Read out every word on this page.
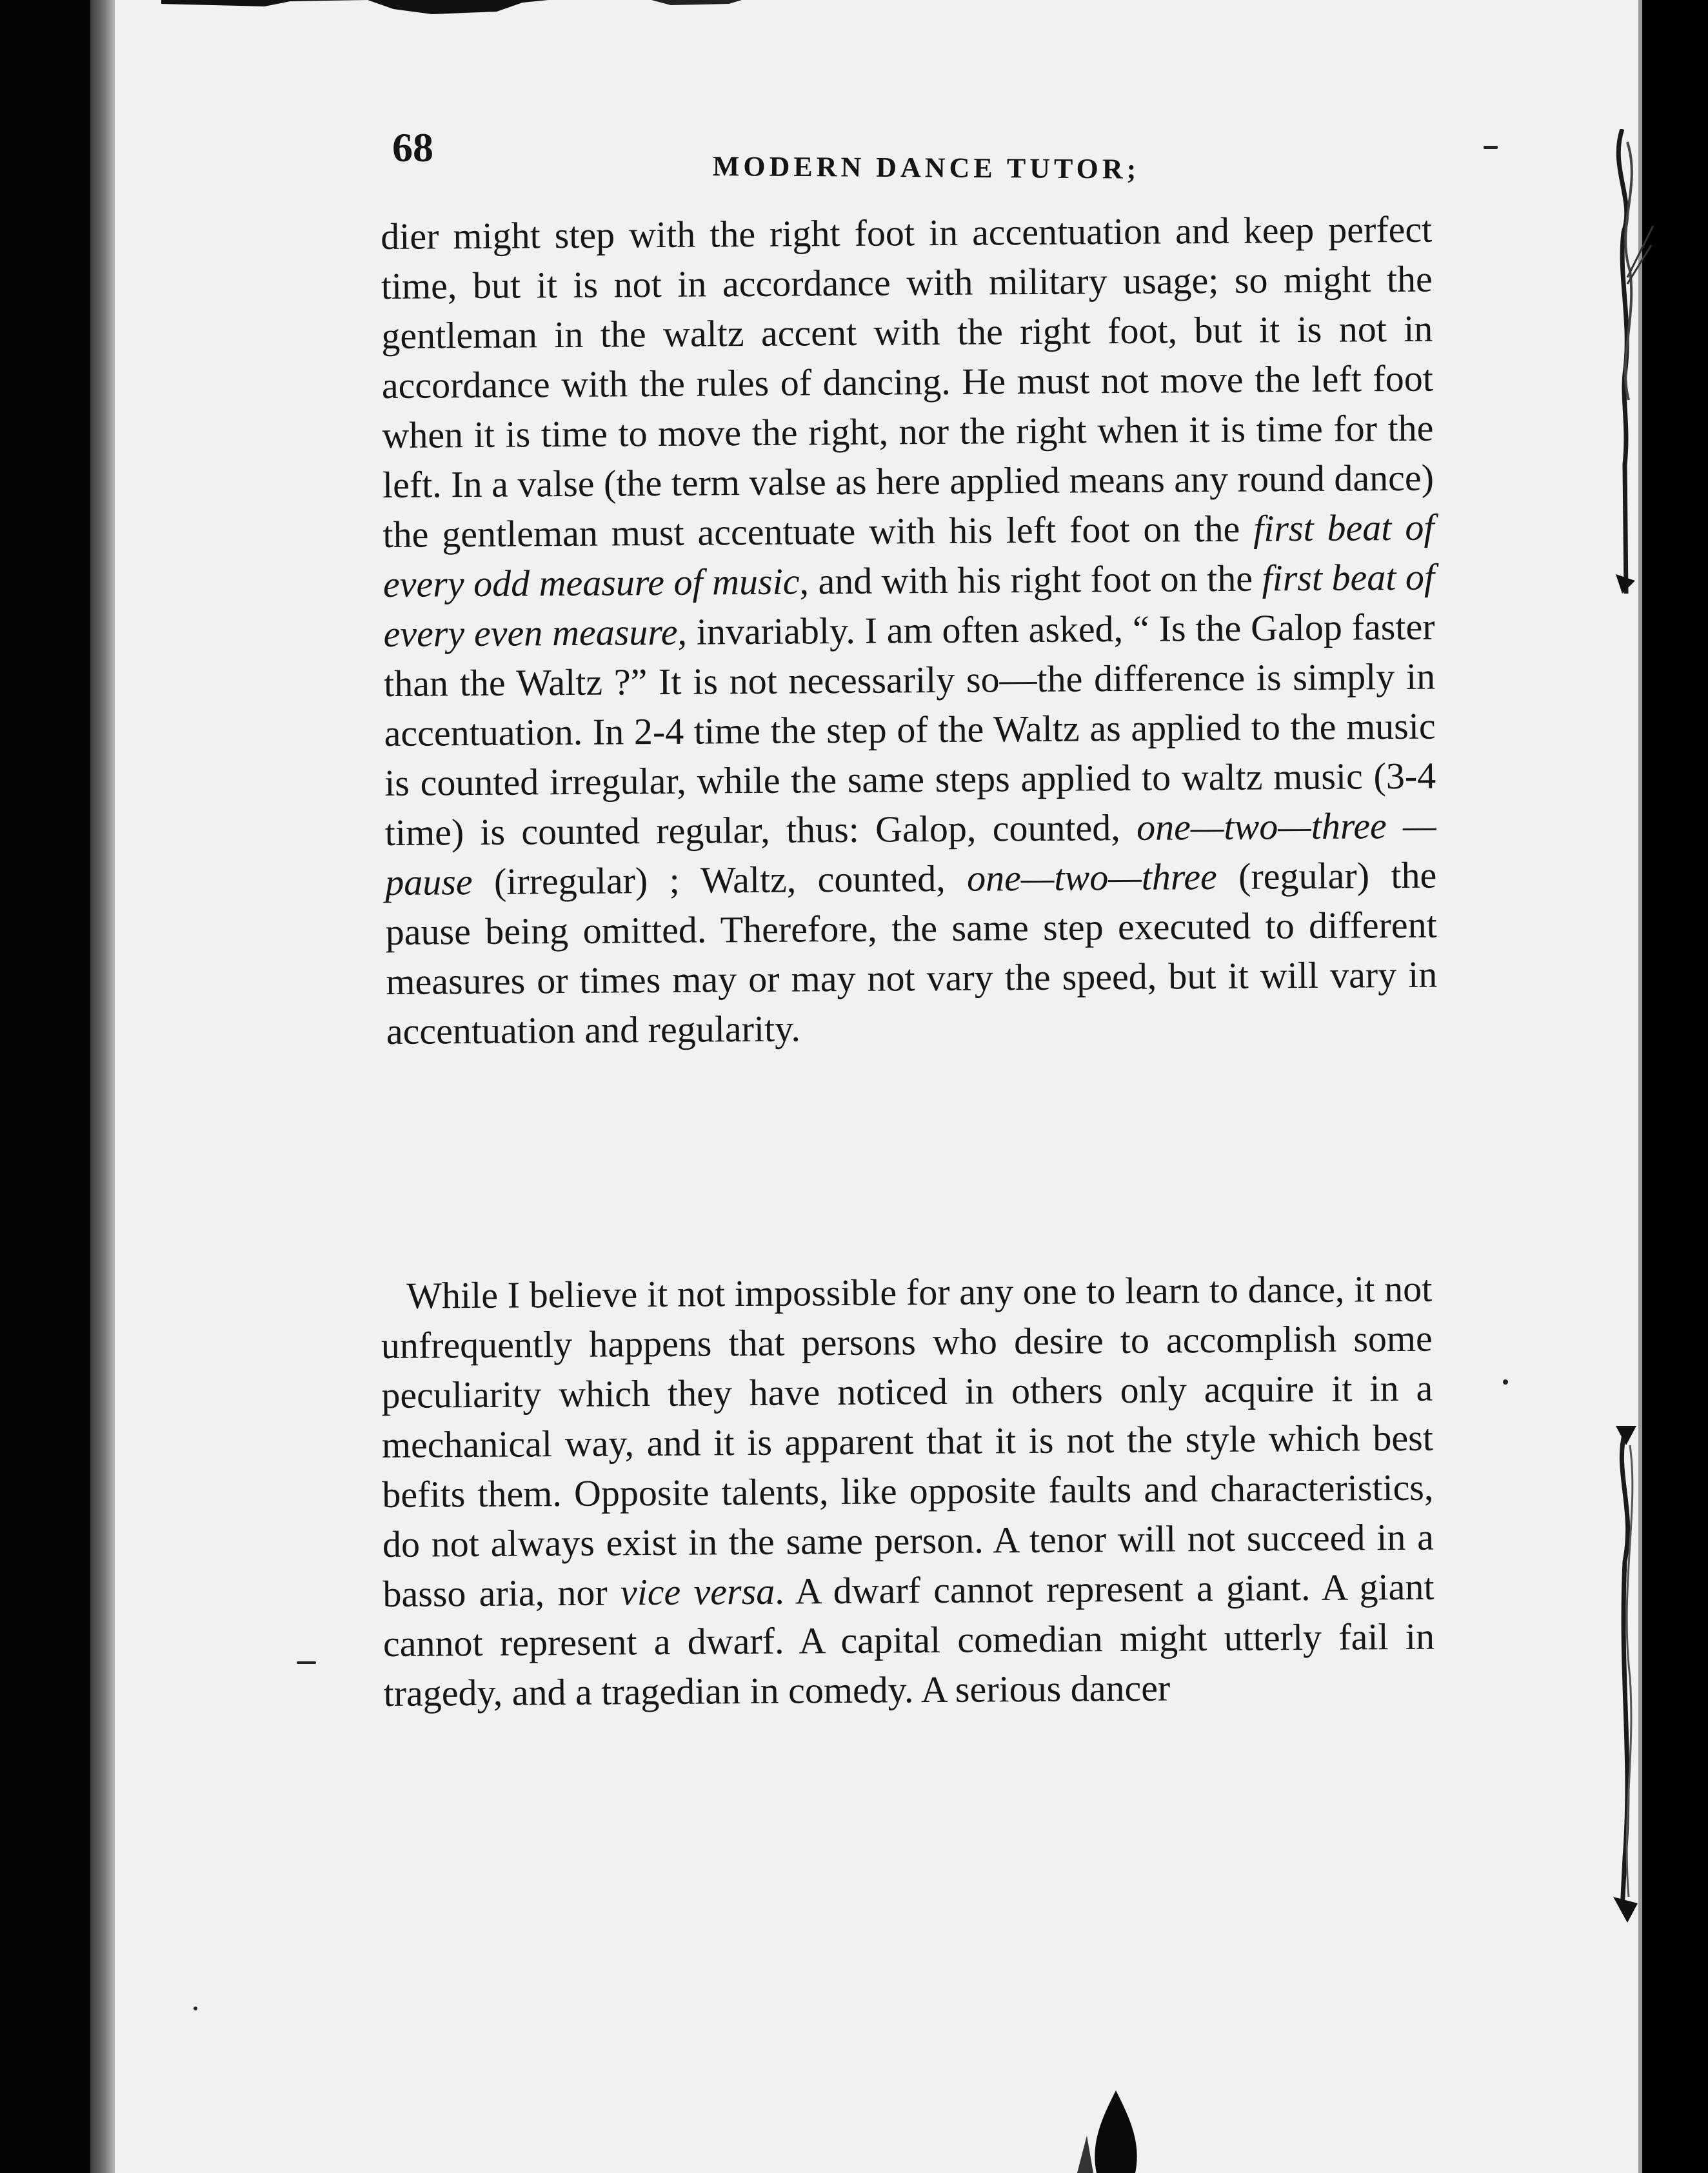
68	MODERN DANCE TUTOR;

dier might step with the right foot in accentuation and keep perfect time, but it is not in accordance with military usage; so might the gentleman in the waltz accent with the right foot, but it is not in accordance with the rules of dancing. He must not move the left foot when it is time to move the right, nor the right when it is time for the left. In a valse (the term valse as here applied means any round dance) the gentleman must accentuate with his left foot on the first beat of every odd measure of music, and with his right foot on the first beat of every even measure, invariably. I am often asked, “ Is the Galop faster than the Waltz ?” It is not necessarily so—the difference is simply in accentuation. In 2-4 time the step of the Waltz as applied to the music is counted irregular, while the same steps applied to waltz music (3-4 time) is counted regular, thus: Galop, counted, one—two—three —pause (irregular) ; Waltz, counted, one—two—three (regular) the pause being omitted. Therefore, the same step executed to different measures or times may or may not vary the speed, but it will vary in accentuation and regularity.

While I believe it not impossible for any one to learn to dance, it not unfrequently happens that persons who desire to accomplish some peculiarity which they have noticed in others only acquire it in a mechanical way, and it is apparent that it is not the style which best befits them. Opposite talents, like opposite faults and characteristics, do not always exist in the same person. A tenor will not succeed in a basso aria, nor vice versa. A dwarf cannot represent a giant. A giant cannot represent a dwarf. A capital comedian might utterly fail in tragedy, and a tragedian in comedy. A serious dancer
